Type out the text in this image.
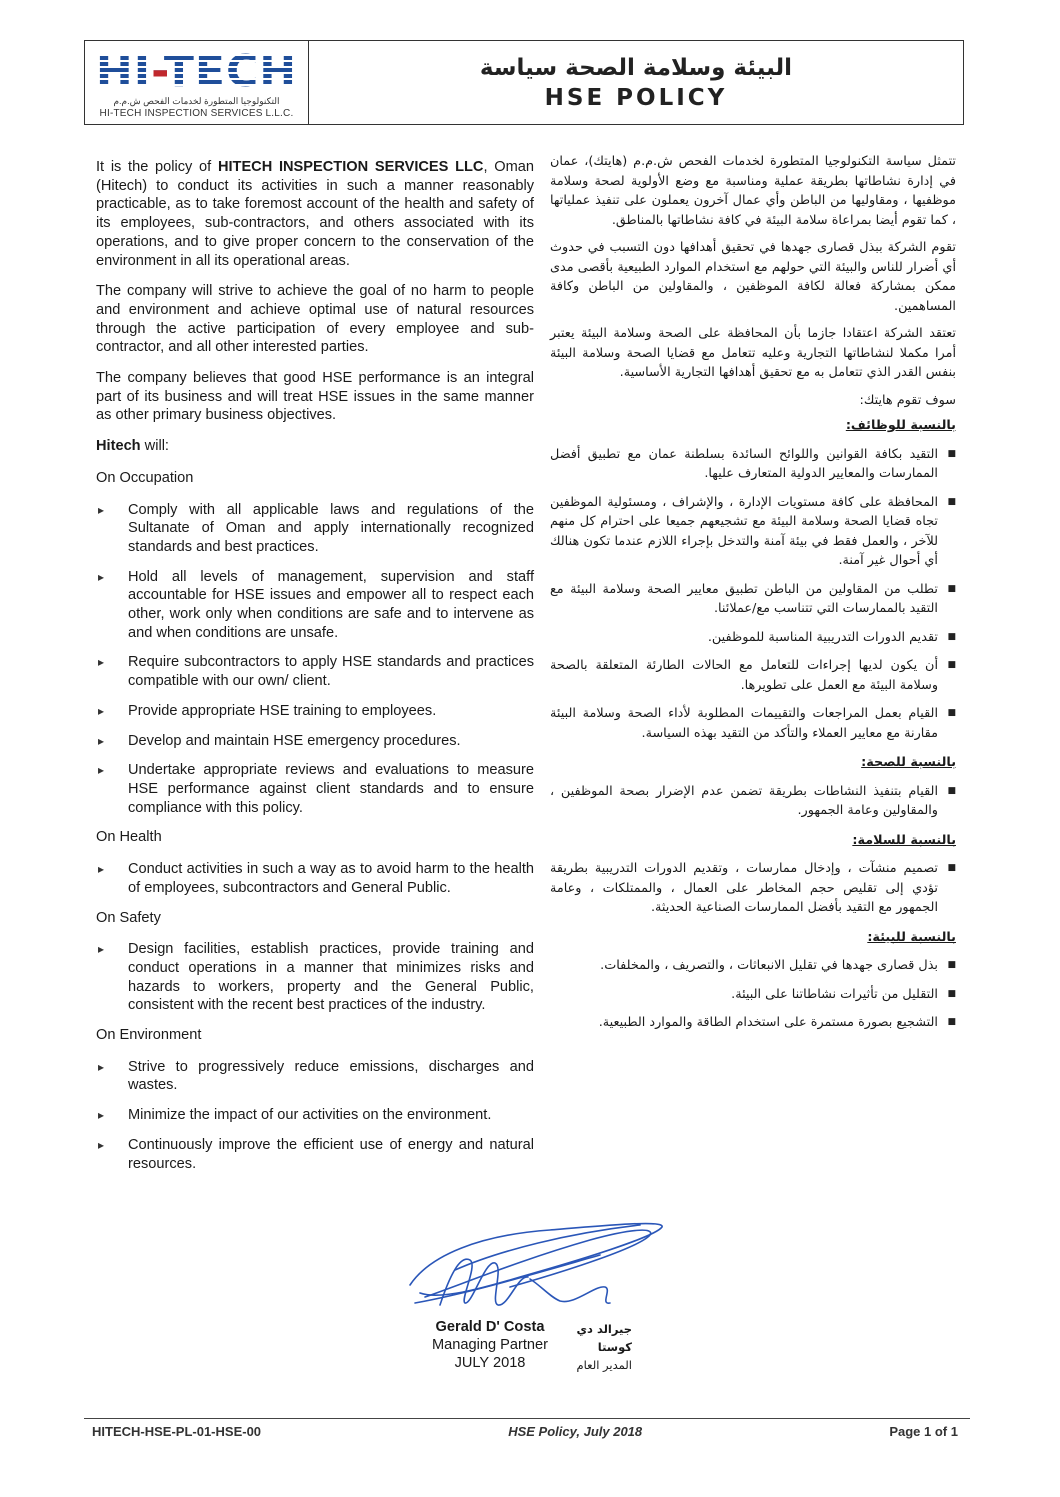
HI-TECH
التكنولوجيا المتطورة لخدمات الفحص ش.م.م
HI-TECH INSPECTION SERVICES L.L.C.
البيئة وسلامة الصحة سياسة
HSE POLICY

It is the policy of HITECH INSPECTION SERVICES LLC, Oman (Hitech) to conduct its activities in such a manner reasonably practicable, as to take foremost account of the health and safety of its employees, sub-contractors, and others associated with its operations, and to give proper concern to the conservation of the environment in all its operational areas.

The company will strive to achieve the goal of no harm to people and environment and achieve optimal use of natural resources through the active participation of every employee and sub-contractor, and all other interested parties.

The company believes that good HSE performance is an integral part of its business and will treat HSE issues in the same manner as other primary business objectives.

Hitech will:
On Occupation
▸ Comply with all applicable laws and regulations of the Sultanate of Oman and apply internationally recognized standards and best practices.
▸ Hold all levels of management, supervision and staff accountable for HSE issues and empower all to respect each other, work only when conditions are safe and to intervene as and when conditions are unsafe.
▸ Require subcontractors to apply HSE standards and practices compatible with our own/ client.
▸ Provide appropriate HSE training to employees.
▸ Develop and maintain HSE emergency procedures.
▸ Undertake appropriate reviews and evaluations to measure HSE performance against client standards and to ensure compliance with this policy.
On Health
▸ Conduct activities in such a way as to avoid harm to the health of employees, subcontractors and General Public.
On Safety
▸ Design facilities, establish practices, provide training and conduct operations in a manner that minimizes risks and hazards to workers, property and the General Public, consistent with the recent best practices of the industry.
On Environment
▸ Strive to progressively reduce emissions, discharges and wastes.
▸ Minimize the impact of our activities on the environment.
▸ Continuously improve the efficient use of energy and natural resources.

تتمثل سياسة التكنولوجيا المتطورة لخدمات الفحص ش.م.م (هايتك)، عمان في إدارة نشاطاتها بطريقة عملية ومناسبة مع وضع الأولوية لصحة وسلامة موظفيها ، ومقاوليها من الباطن وأي عمال آخرون يعملون على تنفيذ عملياتها ، كما تقوم أيضا بمراعاة سلامة البيئة في كافة نشاطاتها بالمناطق.

تقوم الشركة ببذل قصارى جهدها في تحقيق أهدافها دون التسبب في حدوث أي أضرار للناس والبيئة التي حولهم مع استخدام الموارد الطبيعية بأقصى مدى ممكن بمشاركة فعالة لكافة الموظفين ، والمقاولين من الباطن وكافة المساهمين.

تعتقد الشركة اعتقادا جازما بأن المحافظة على الصحة وسلامة البيئة يعتبر أمرا مكملا لنشاطاتها التجارية وعليه تتعامل مع قضايا الصحة وسلامة البيئة بنفس القدر الذي تتعامل به مع تحقيق أهدافها التجارية الأساسية.

سوف تقوم هايتك:
بالنسبة للوظائف:
■ التقيد بكافة القوانين واللوائح السائدة بسلطنة عمان مع تطبيق أفضل الممارسات والمعايير الدولية المتعارف عليها.
■ المحافظة على كافة مستويات الإدارة ، والإشراف ، ومسئولية الموظفين تجاه قضايا الصحة وسلامة البيئة مع تشجيعهم جميعا على احترام كل منهم للآخر ، والعمل فقط في بيئة آمنة والتدخل بإجراء اللازم عندما تكون هنالك أي أحوال غير آمنة.
■ تطلب من المقاولين من الباطن تطبيق معايير الصحة وسلامة البيئة مع التقيد بالممارسات التي تتناسب مع/عملائنا.
■ تقديم الدورات التدريبية المناسبة للموظفين.
■ أن يكون لديها إجراءات للتعامل مع الحالات الطارئة المتعلقة بالصحة وسلامة البيئة مع العمل على تطويرها.
■ القيام بعمل المراجعات والتقييمات المطلوبة لأداء الصحة وسلامة البيئة مقارنة مع معايير العملاء والتأكد من التقيد بهذه السياسة.
بالنسبة للصحة:
■ القيام بتنفيذ النشاطات بطريقة تضمن عدم الإضرار بصحة الموظفين ، والمقاولين وعامة الجمهور.
بالنسبة للسلامة:
■ تصميم منشآت ، وإدخال ممارسات ، وتقديم الدورات التدريبية بطريقة تؤدي إلى تقليص حجم المخاطر على العمال ، والممتلكات ، وعامة الجمهور مع التقيد بأفضل الممارسات الصناعية الحديثة.
بالنسبة للبيئة:
■ بذل قصارى جهدها في تقليل الانبعاثات ، والتصريف ، والمخلفات.
■ التقليل من تأثيرات نشاطاتنا على البيئة.
■ التشجيع بصورة مستمرة على استخدام الطاقة والموارد الطبيعية.
Gerald D' Costa
Managing Partner
JULY 2018
جيرالد دي كوستا
المدير العام
HITECH-HSE-PL-01-HSE-00	HSE Policy, July 2018	Page 1 of 1
